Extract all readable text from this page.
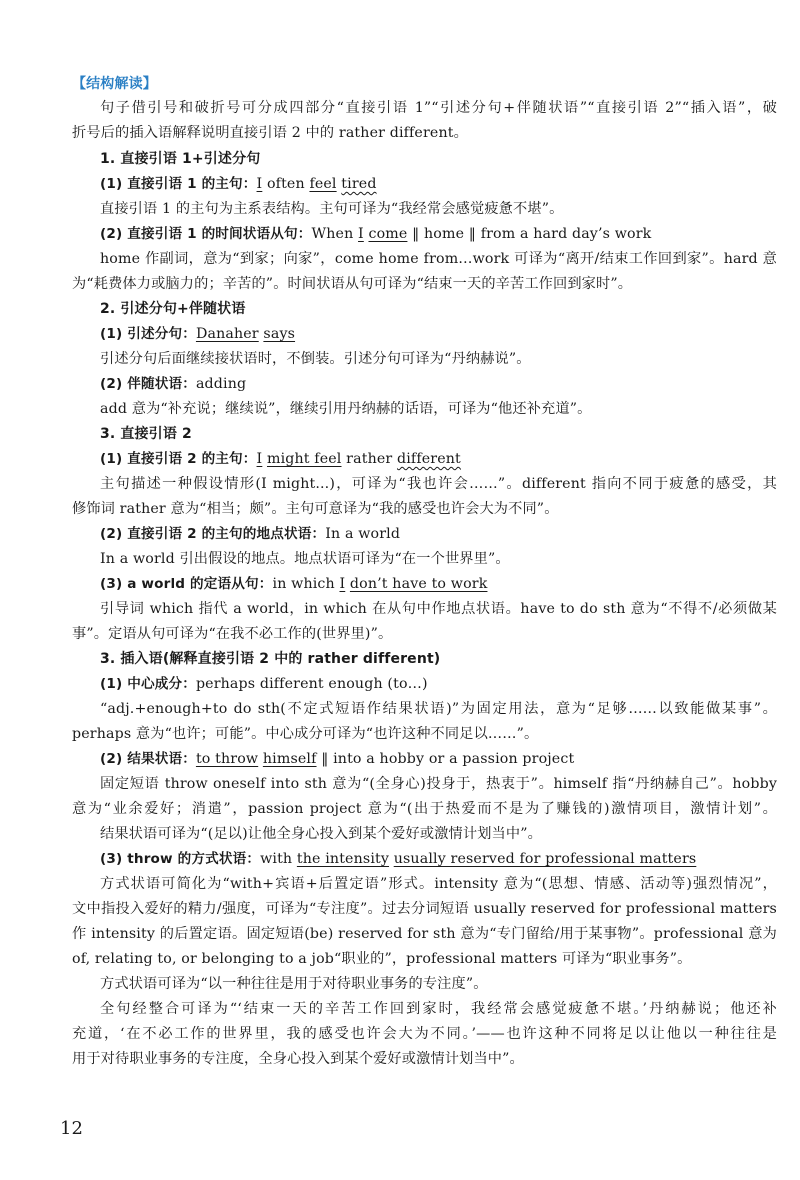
【结构解读】
句子借引号和破折号可分成四部分“直接引语 1”“引述分句+伴随状语”“直接引语 2”“插入语”，破
折号后的插入语解释说明直接引语 2 中的 rather different。
1. 直接引语 1+引述分句
(1) 直接引语 1 的主句：I often feel tired
直接引语 1 的主句为主系表结构。主句可译为“我经常会感觉疲惫不堪”。
(2) 直接引语 1 的时间状语从句：When I come ‖ home ‖ from a hard day’s work
home 作副词，意为“到家；向家”，come home from…work 可译为“离开/结束工作回到家”。hard 意
为“耗费体力或脑力的；辛苦的”。时间状语从句可译为“结束一天的辛苦工作回到家时”。
2. 引述分句+伴随状语
(1) 引述分句：Danaher says
引述分句后面继续接状语时，不倒装。引述分句可译为“丹纳赫说”。
(2) 伴随状语：adding
add 意为“补充说；继续说”，继续引用丹纳赫的话语，可译为“他还补充道”。
3. 直接引语 2
(1) 直接引语 2 的主句：I might feel rather different
主句描述一种假设情形(I might...)，可译为“我也许会……”。different 指向不同于疲惫的感受，其
修饰词 rather 意为“相当；颇”。主句可意译为“我的感受也许会大为不同”。
(2) 直接引语 2 的主句的地点状语：In a world
In a world 引出假设的地点。地点状语可译为“在一个世界里”。
(3) a world 的定语从句：in which I don’t have to work
引导词 which 指代 a world，in which 在从句中作地点状语。have to do sth 意为“不得不/必须做某
事”。定语从句可译为“在我不必工作的(世界里)”。
3. 插入语(解释直接引语 2 中的 rather different)
(1) 中心成分：perhaps different enough (to…)
“adj.+enough+to do sth(不定式短语作结果状语)”为固定用法，意为“足够……以致能做某事”。
perhaps 意为“也许；可能”。中心成分可译为“也许这种不同足以……”。
(2) 结果状语：to throw himself ‖ into a hobby or a passion project
固定短语 throw oneself into sth 意为“(全身心)投身于，热衷于”。himself 指“丹纳赫自己”。hobby
意为“业余爱好；消遣”，passion project 意为“(出于热爱而不是为了赚钱的)激情项目，激情计划”。
结果状语可译为“(足以)让他全身心投入到某个爱好或激情计划当中”。
(3) throw 的方式状语：with the intensity usually reserved for professional matters
方式状语可简化为“with+宾语+后置定语”形式。intensity 意为“(思想、情感、活动等)强烈情况”，
文中指投入爱好的精力/强度，可译为“专注度”。过去分词短语 usually reserved for professional matters
作 intensity 的后置定语。固定短语(be) reserved for sth 意为“专门留给/用于某事物”。professional 意为
of, relating to, or belonging to a job“职业的”，professional matters 可译为“职业事务”。
方式状语可译为“以一种往往是用于对待职业事务的专注度”。
全句经整合可译为“‘结束一天的辛苦工作回到家时，我经常会感觉疲惫不堪。’丹纳赫说；他还补
充道，‘在不必工作的世界里，我的感受也许会大为不同。’——也许这种不同将足以让他以一种往往是
用于对待职业事务的专注度，全身心投入到某个爱好或激情计划当中”。
12
